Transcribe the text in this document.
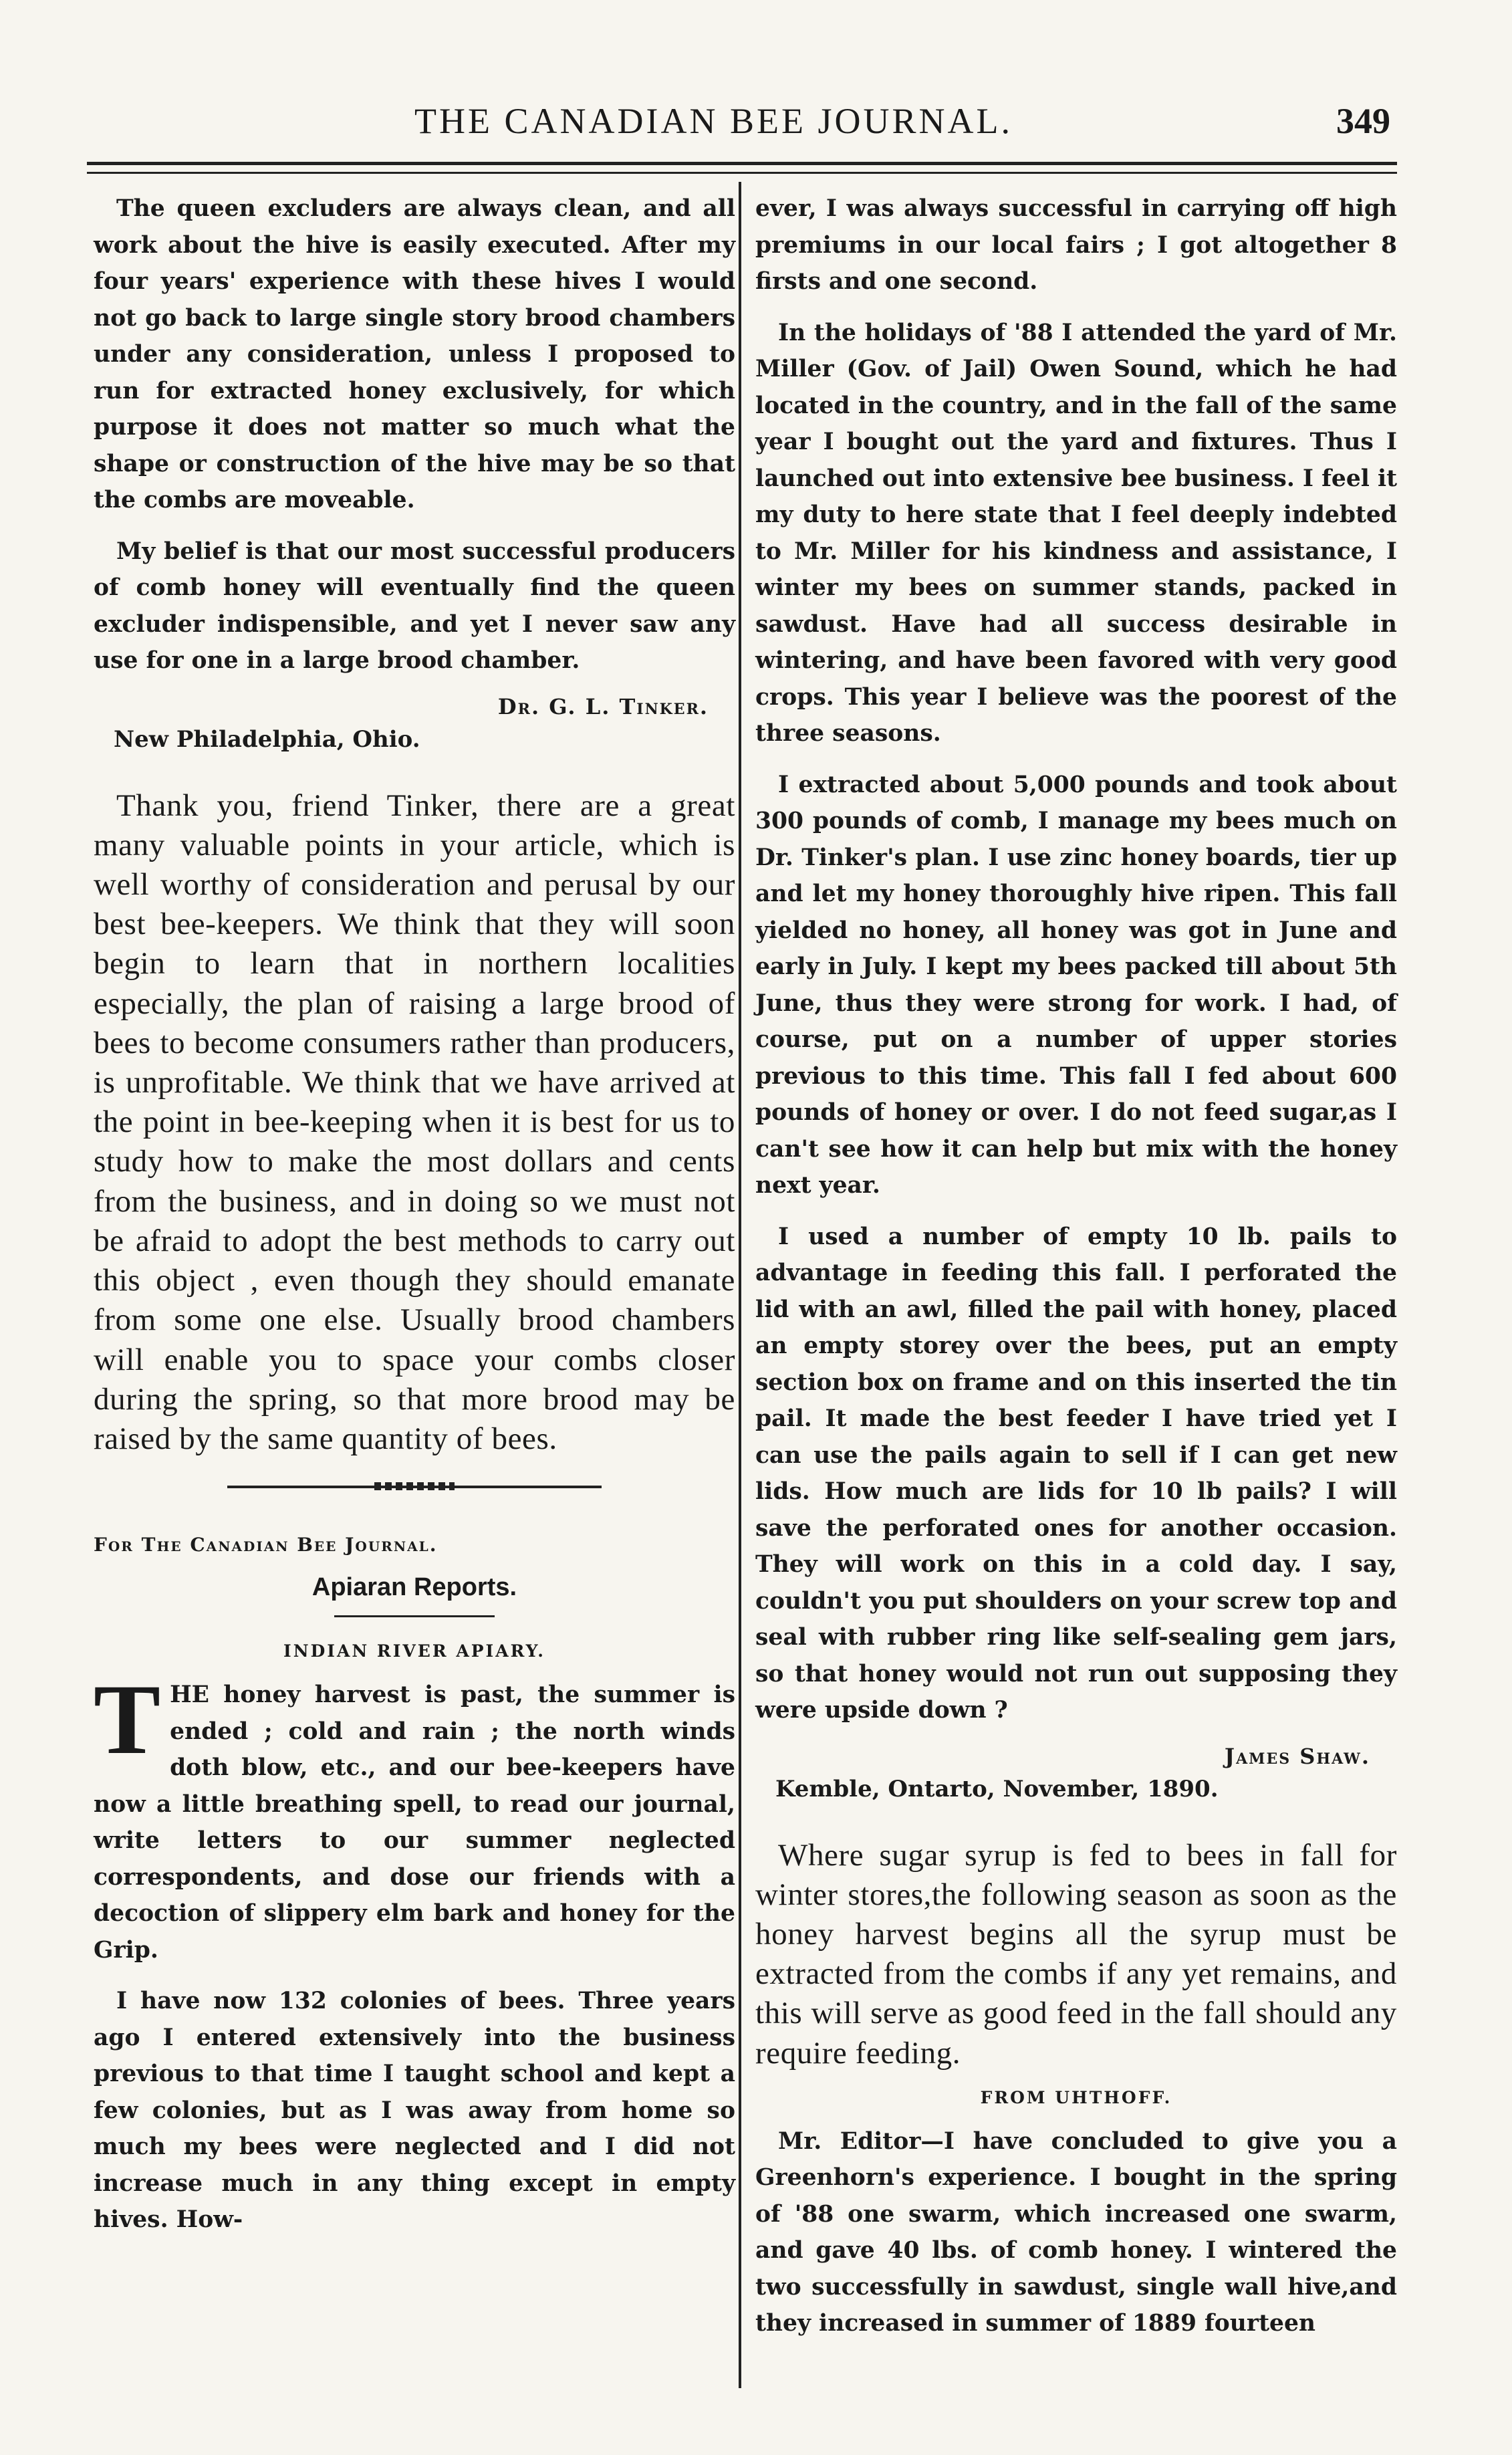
THE CANADIAN BEE JOURNAL.	349

The queen excluders are always clean, and all work about the hive is easily executed. After my four years' experience with these hives I would not go back to large single story brood chambers under any consideration, unless I proposed to run for extracted honey exclusively, for which purpose it does not matter so much what the shape or construction of the hive may be so that the combs are moveable.

My belief is that our most successful producers of comb honey will eventually find the queen excluder indispensible, and yet I never saw any use for one in a large brood chamber.

Dr. G. L. Tinker.
New Philadelphia, Ohio.

Thank you, friend Tinker, there are a great many valuable points in your article, which is well worthy of consideration and perusal by our best bee-keepers. We think that they will soon begin to learn that in northern localities especially, the plan of raising a large brood of bees to become consumers rather than producers, is unprofitable. We think that we have arrived at the point in bee-keeping when it is best for us to study how to make the most dollars and cents from the business, and in doing so we must not be afraid to adopt the best methods to carry out this object , even though they should emanate from some one else. Usually brood chambers will enable you to space your combs closer during the spring, so that more brood may be raised by the same quantity of bees.

For The Canadian Bee Journal.
Apiaran Reports.
INDIAN RIVER APIARY.

THE honey harvest is past, the summer is ended ; cold and rain ; the north winds doth blow, etc., and our bee-keepers have now a little breathing spell, to read our journal, write letters to our summer neglected correspondents, and dose our friends with a decoction of slippery elm bark and honey for the Grip.

I have now 132 colonies of bees. Three years ago I entered extensively into the business previous to that time I taught school and kept a few colonies, but as I was away from home so much my bees were neglected and I did not increase much in any thing except in empty hives. How-

ever, I was always successful in carrying off high premiums in our local fairs ; I got altogether 8 firsts and one second.

In the holidays of '88 I attended the yard of Mr. Miller (Gov. of Jail) Owen Sound, which he had located in the country, and in the fall of the same year I bought out the yard and fixtures. Thus I launched out into extensive bee business. I feel it my duty to here state that I feel deeply indebted to Mr. Miller for his kindness and assistance, I winter my bees on summer stands, packed in sawdust. Have had all success desirable in wintering, and have been favored with very good crops. This year I believe was the poorest of the three seasons.

I extracted about 5,000 pounds and took about 300 pounds of comb, I manage my bees much on Dr. Tinker's plan. I use zinc honey boards, tier up and let my honey thoroughly hive ripen. This fall yielded no honey, all honey was got in June and early in July. I kept my bees packed till about 5th June, thus they were strong for work. I had, of course, put on a number of upper stories previous to this time. This fall I fed about 600 pounds of honey or over. I do not feed sugar,as I can't see how it can help but mix with the honey next year.

I used a number of empty 10 lb. pails to advantage in feeding this fall. I perforated the lid with an awl, filled the pail with honey, placed an empty storey over the bees, put an empty section box on frame and on this inserted the tin pail. It made the best feeder I have tried yet I can use the pails again to sell if I can get new lids. How much are lids for 10 lb pails? I will save the perforated ones for another occasion. They will work on this in a cold day. I say, couldn't you put shoulders on your screw top and seal with rubber ring like self-sealing gem jars, so that honey would not run out supposing they were upside down ?

James Shaw.
Kemble, Ontarto, November, 1890.

Where sugar syrup is fed to bees in fall for winter stores,the following season as soon as the honey harvest begins all the syrup must be extracted from the combs if any yet remains, and this will serve as good feed in the fall should any require feeding.

FROM UHTHOFF.

Mr. Editor—I have concluded to give you a Greenhorn's experience. I bought in the spring of '88 one swarm, which increased one swarm, and gave 40 lbs. of comb honey. I wintered the two successfully in sawdust, single wall hive,and they increased in summer of 1889 fourteen
